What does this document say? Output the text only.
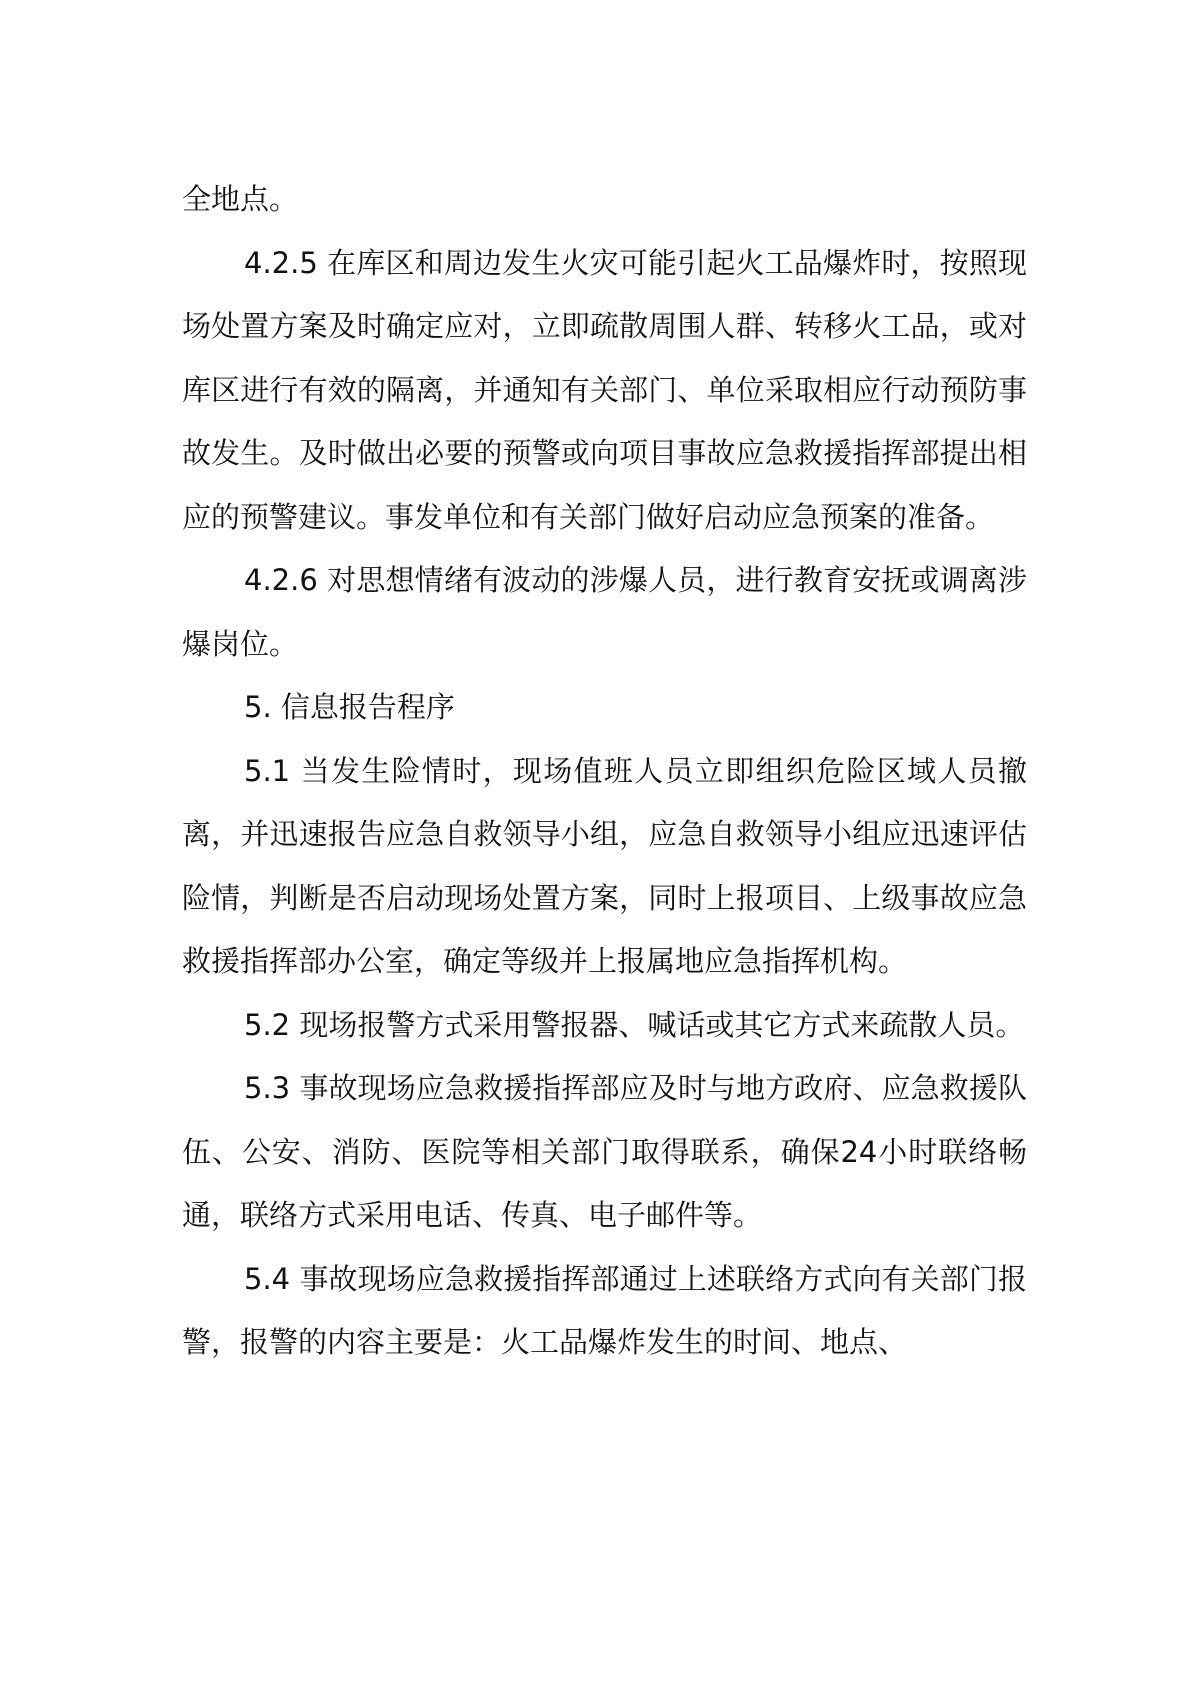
全地点。

4.2.5 在库区和周边发生火灾可能引起火工品爆炸时，按照现场处置方案及时确定应对，立即疏散周围人群、转移火工品，或对库区进行有效的隔离，并通知有关部门、单位采取相应行动预防事故发生。及时做出必要的预警或向项目事故应急救援指挥部提出相应的预警建议。事发单位和有关部门做好启动应急预案的准备。

4.2.6 对思想情绪有波动的涉爆人员，进行教育安抚或调离涉爆岗位。

5. 信息报告程序

5.1 当发生险情时，现场值班人员立即组织危险区域人员撤离，并迅速报告应急自救领导小组，应急自救领导小组应迅速评估险情，判断是否启动现场处置方案，同时上报项目、上级事故应急救援指挥部办公室，确定等级并上报属地应急指挥机构。

5.2 现场报警方式采用警报器、喊话或其它方式来疏散人员。

5.3 事故现场应急救援指挥部应及时与地方政府、应急救援队伍、公安、消防、医院等相关部门取得联系，确保24小时联络畅通，联络方式采用电话、传真、电子邮件等。

5.4 事故现场应急救援指挥部通过上述联络方式向有关部门报警，报警的内容主要是：火工品爆炸发生的时间、地点、
